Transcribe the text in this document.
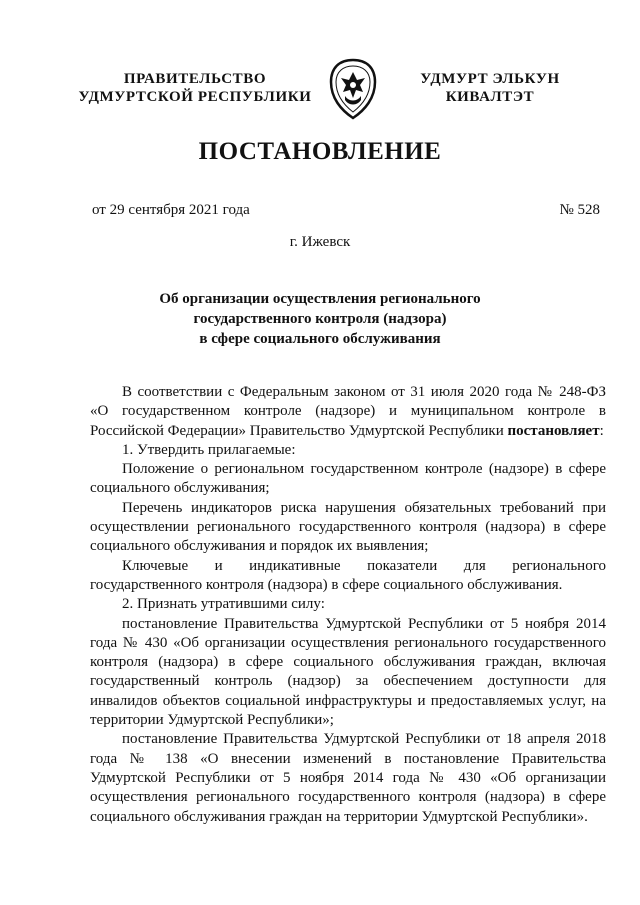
ПРАВИТЕЛЬСТВО
УДМУРТСКОЙ РЕСПУБЛИКИ
УДМУРТ ЭЛЬКУН
КИВАЛТЭТ
ПОСТАНОВЛЕНИЕ
от 29 сентября 2021 года	№ 528
г. Ижевск
Об организации осуществления регионального
государственного контроля (надзора)
в сфере социального обслуживания

В соответствии с Федеральным законом от 31 июля 2020 года № 248-ФЗ «О государственном контроле (надзоре) и муниципальном контроле в Российской Федерации» Правительство Удмуртской Республики постановляет:

1. Утвердить прилагаемые:

Положение о региональном государственном контроле (надзоре) в сфере социального обслуживания;

Перечень индикаторов риска нарушения обязательных требований при осуществлении регионального государственного контроля (надзора) в сфере социального обслуживания и порядок их выявления;

Ключевые и индикативные показатели для регионального государственного контроля (надзора) в сфере социального обслуживания.

2. Признать утратившими силу:

постановление Правительства Удмуртской Республики от 5 ноября 2014 года № 430 «Об организации осуществления регионального государственного контроля (надзора) в сфере социального обслуживания граждан, включая государственный контроль (надзор) за обеспечением доступности для инвалидов объектов социальной инфраструктуры и предоставляемых услуг, на территории Удмуртской Республики»;

постановление Правительства Удмуртской Республики от 18 апреля 2018 года № 138 «О внесении изменений в постановление Правительства Удмуртской Республики от 5 ноября 2014 года № 430 «Об организации осуществления регионального государственного контроля (надзора) в сфере социального обслуживания граждан на территории Удмуртской Республики».
